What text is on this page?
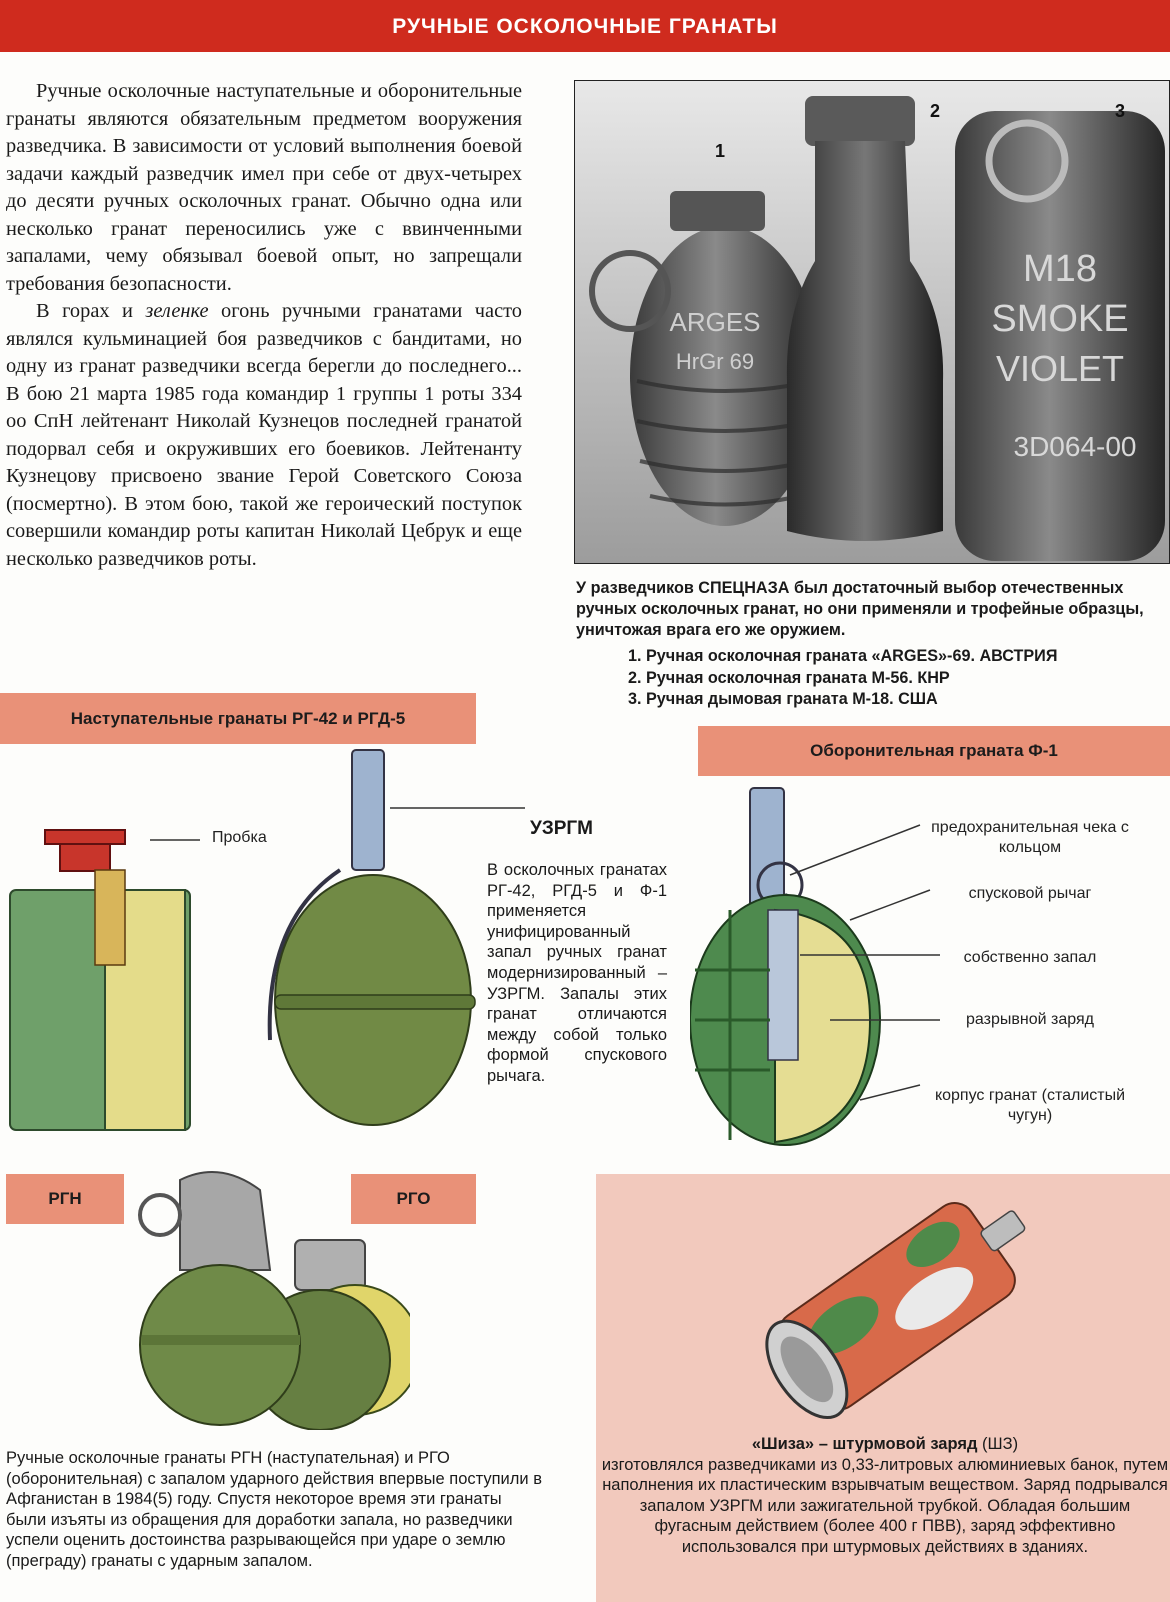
РУЧНЫЕ ОСКОЛОЧНЫЕ ГРАНАТЫ

Ручные осколочные наступательные и оборонительные гранаты являются обязательным предметом вооружения разведчика. В зависимости от условий выполнения боевой задачи каждый разведчик имел при себе от двух-четырех до десяти ручных осколочных гранат. Обычно одна или несколько гранат переносились уже с ввинченными запалами, чему обязывал боевой опыт, но запрещали требования безопасности.

В горах и зеленке огонь ручными гранатами часто являлся кульминацией боя разведчиков с бандитами, но одну из гранат разведчики всегда берегли до последнего... В бою 21 марта 1985 года командир 1 группы 1 роты 334 оо СпН лейтенант Николай Кузнецов последней гранатой подорвал себя и окруживших его боевиков. Лейтенанту Кузнецову присвоено звание Герой Советского Союза (посмертно). В этом бою, такой же героический поступок совершили командир роты капитан Николай Цебрук и еще несколько разведчиков роты.

ARGES
HrGr 69
M18
SMOKE
VIOLET
3D064-00
1
2	3
У разведчиков СПЕЦНАЗА был достаточный выбор отечественных ручных осколочных гранат, но они применяли и трофейные образцы, уничтожая врага его же оружием.
1. Ручная осколочная граната «ARGES»-69. АВСТРИЯ
2. Ручная осколочная граната М-56. КНР
3. Ручная дымовая граната М-18. США
Наступательные гранаты РГ-42 и РГД-5
Оборонительная граната Ф-1
Пробка	УЗРГМ
В осколочных гранатах РГ-42, РГД-5 и Ф-1 применяется унифицированный запал ручных гранат модернизированный – УЗРГМ. Запалы этих гранат отличаются между собой только формой спускового рычага.
предохранительная чека с кольцом
спусковой рычаг
собственно запал
разрывной заряд
корпус гранат (сталистый чугун)
РГН	РГО
Ручные осколочные гранаты РГН (наступательная) и РГО (оборонительная) с запалом ударного действия впервые поступили в Афганистан в 1984(5) году. Спустя некоторое время эти гранаты были изъяты из обращения для доработки запала, но разведчики успели оценить достоинства разрывающейся при ударе о землю (преграду) гранаты с ударным запалом.
«Шиза» – штурмовой заряд (ШЗ)
изготовлялся разведчиками из 0,33-литровых алюминиевых банок, путем наполнения их пластическим взрывчатым веществом. Заряд подрывался запалом УЗРГМ или зажигательной трубкой. Обладая большим фугасным действием (более 400 г ПВВ), заряд эффективно использовался при штурмовых действиях в зданиях.
